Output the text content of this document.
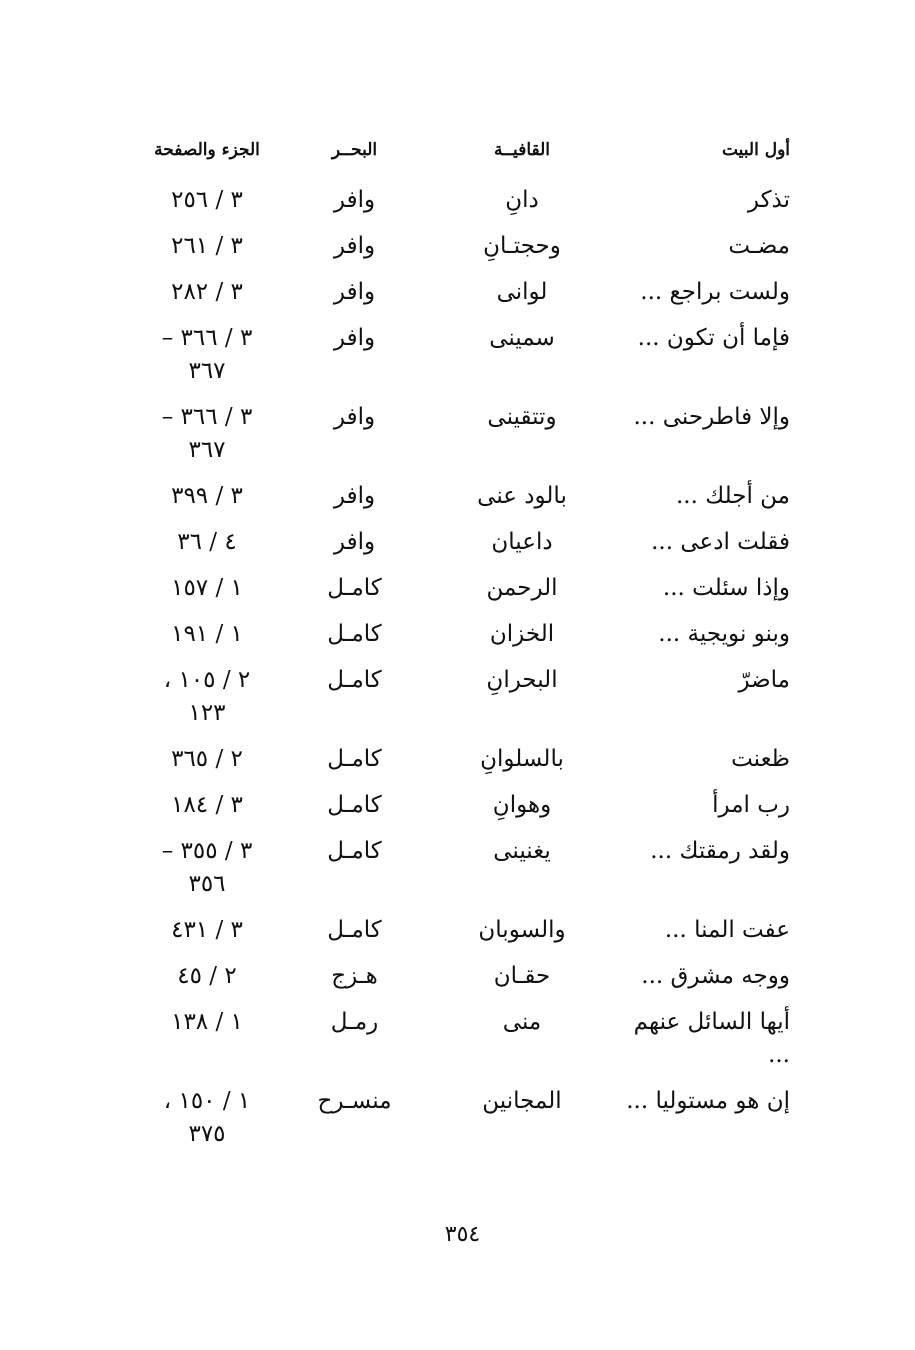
أول البيت
القافيــة
البحــر
الجزء والصفحة
تذكر
دانِ
وافر
٣ / ٢٥٦
مضـت
وحجتـانِ
وافر
٣ / ٢٦١
ولست براجع ...
لوانى
وافر
٣ / ٢٨٢
فإما أن تكون ...
سمينى
وافر
٣ / ٣٦٦ – ٣٦٧
وإلا فاطرحنى ...
وتتقينى
وافر
٣ / ٣٦٦ – ٣٦٧
من أجلك ...
بالود عنى
وافر
٣ / ٣٩٩
فقلت ادعى ...
داعيان
وافر
٤ / ٣٦
وإذا سئلت ...
الرحمن
كامـل
١ / ١٥٧
وبنو نويجية ...
الخزان
كامـل
١ / ١٩١
ماضرّ
البحرانِ
كامـل
٢ / ١٠٥ ، ١٢٣
ظعنت
بالسلوانِ
كامـل
٢ / ٣٦٥
رب امرأ
وهوانِ
كامـل
٣ / ١٨٤
ولقد رمقتك ...
يغنينى
كامـل
٣ / ٣٥٥ – ٣٥٦
عفت المنا ...
والسوبان
كامـل
٣ / ٤٣١
ووجه مشرق ...
حقـان
هـزج
٢ / ٤٥
أيها السائل عنهم ...
منى
رمـل
١ / ١٣٨
إن هو مستوليا ...
المجانين
منسـرح
١ / ١٥٠ ، ٣٧٥
٣٥٤
